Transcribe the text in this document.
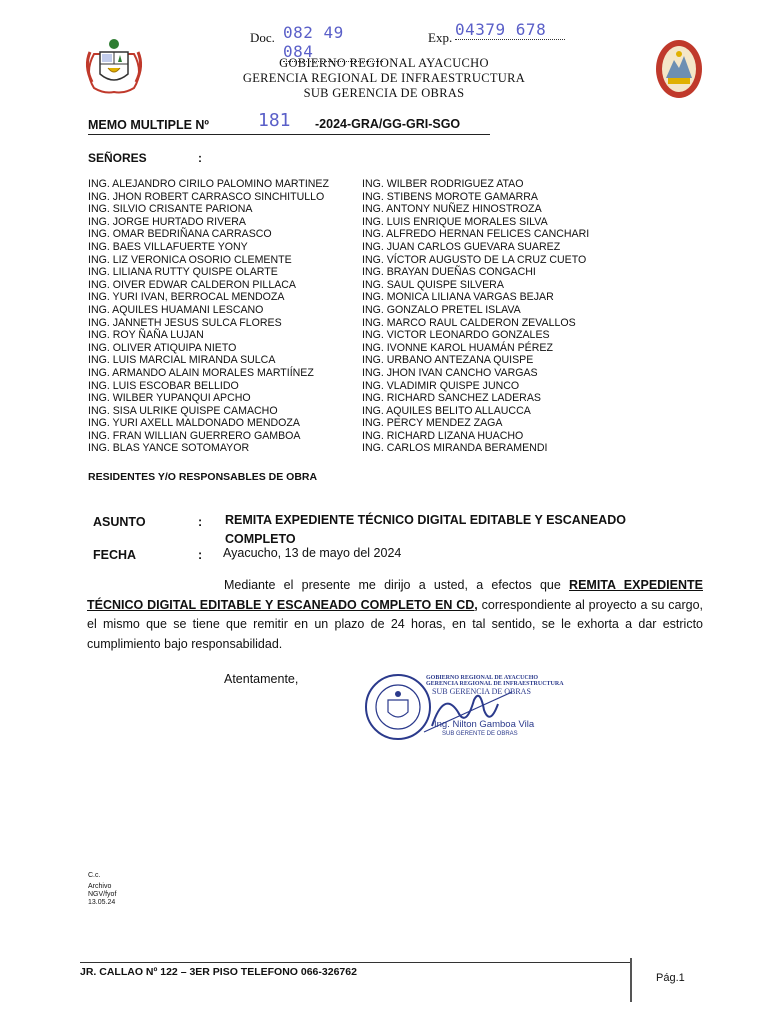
Doc. 082 49 084
Exp. 04379 678
GOBIERNO REGIONAL AYACUCHO
GERENCIA REGIONAL DE INFRAESTRUCTURA
SUB GERENCIA DE OBRAS
MEMO MULTIPLE Nº	181 -2024-GRA/GG-GRI-SGO
SEÑORES	:
ING. ALEJANDRO CIRILO PALOMINO MARTINEZ
ING. JHON ROBERT CARRASCO SINCHITULLO
ING. SILVIO CRISANTE PARIONA
ING. JORGE HURTADO RIVERA
ING. OMAR BEDRIÑANA CARRASCO
ING. BAES VILLAFUERTE YONY
ING. LIZ VERONICA OSORIO CLEMENTE
ING. LILIANA RUTTY QUISPE OLARTE
ING. OIVER EDWAR CALDERON PILLACA
ING. YURI IVAN, BERROCAL MENDOZA
ING. AQUILES HUAMANI LESCANO
ING. JANNETH JESUS SULCA FLORES
ING. ROY ÑAÑA LUJAN
ING. OLIVER ATIQUIPA NIETO
ING. LUIS MARCIAL MIRANDA SULCA
ING. ARMANDO ALAIN MORALES MARTIÍNEZ
ING. LUIS ESCOBAR BELLIDO
ING. WILBER YUPANQUI APCHO
ING. SISA ULRIKE QUISPE CAMACHO
ING. YURI AXELL MALDONADO MENDOZA
ING. FRAN WILLIAN GUERRERO GAMBOA
ING. BLAS YANCE SOTOMAYOR
ING. WILBER RODRIGUEZ ATAO
ING. STIBENS MOROTE GAMARRA
ING. ANTONY NUÑEZ HINOSTROZA
ING. LUIS ENRIQUE MORALES SILVA
ING. ALFREDO HERNAN FELICES CANCHARI
ING. JUAN CARLOS GUEVARA SUAREZ
ING. VÍCTOR AUGUSTO DE LA CRUZ CUETO
ING. BRAYAN DUEÑAS CONGACHI
ING. SAUL QUISPE SILVERA
ING. MONICA LILIANA VARGAS BEJAR
ING. GONZALO PRETEL ISLAVA
ING. MARCO RAUL CALDERON ZEVALLOS
ING. VICTOR LEONARDO GONZALES
ING. IVONNE KAROL HUAMÁN PÉREZ
ING. URBANO ANTEZANA QUISPE
ING. JHON IVAN CANCHO VARGAS
ING. VLADIMIR QUISPE JUNCO
ING. RICHARD SANCHEZ LADERAS
ING. AQUILES BELITO ALLAUCCA
ING. PERCY MENDEZ ZAGA
ING. RICHARD LIZANA HUACHO
ING. CARLOS MIRANDA BERAMENDI
RESIDENTES Y/O RESPONSABLES DE OBRA
ASUNTO	: REMITA EXPEDIENTE TÉCNICO DIGITAL EDITABLE Y ESCANEADO COMPLETO
FECHA	: Ayacucho, 13 de mayo del 2024

Mediante el presente me dirijo a usted, a efectos que REMITA EXPEDIENTE TÉCNICO DIGITAL EDITABLE Y ESCANEADO COMPLETO EN CD, correspondiente al proyecto a su cargo, el mismo que se tiene que remitir en un plazo de 24 horas, en tal sentido, se le exhorta a dar estricto cumplimiento bajo responsabilidad.

Atentamente,	GOBIERNO REGIONAL DE AYACUCHO
GERENCIA REGIONAL DE INFRAESTRUCTURA
SUB GERENCIA DE OBRAS
Ing. Nilton Gamboa Vila
SUB GERENTE DE OBRAS
C.c.
Archivo
NGV/fyof
13.05.24
JR. CALLAO Nº 122 – 3ER PISO TELEFONO 066-326762	Pág.1
